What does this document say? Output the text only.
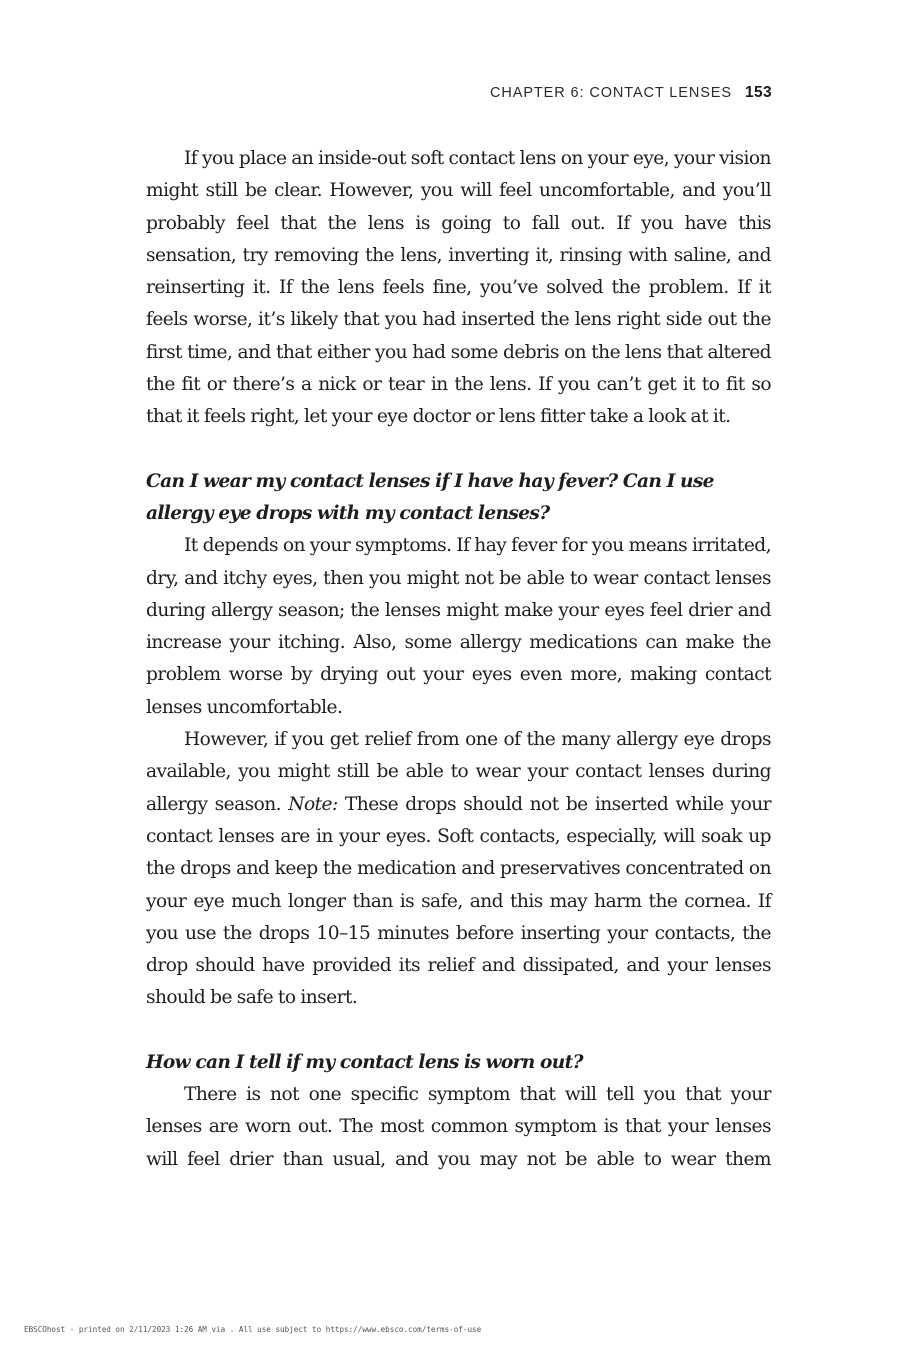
CHAPTER 6: CONTACT LENSES 153

If you place an inside-out soft contact lens on your eye, your vision might still be clear. However, you will feel uncomfortable, and you’ll probably feel that the lens is going to fall out. If you have this sensation, try removing the lens, inverting it, rinsing with saline, and reinserting it. If the lens feels fine, you’ve solved the problem. If it feels worse, it’s likely that you had inserted the lens right side out the first time, and that either you had some debris on the lens that altered the fit or there’s a nick or tear in the lens. If you can’t get it to fit so that it feels right, let your eye doctor or lens fitter take a look at it.

Can I wear my contact lenses if I have hay fever? Can I use allergy eye drops with my contact lenses?

It depends on your symptoms. If hay fever for you means irritated, dry, and itchy eyes, then you might not be able to wear contact lenses during allergy season; the lenses might make your eyes feel drier and increase your itching. Also, some allergy medications can make the problem worse by drying out your eyes even more, making contact lenses uncomfortable.

However, if you get relief from one of the many allergy eye drops available, you might still be able to wear your contact lenses during allergy season. Note: These drops should not be inserted while your contact lenses are in your eyes. Soft contacts, especially, will soak up the drops and keep the medication and preservatives concentrated on your eye much longer than is safe, and this may harm the cornea. If you use the drops 10–15 minutes before inserting your contacts, the drop should have provided its relief and dissipated, and your lenses should be safe to insert.

How can I tell if my contact lens is worn out?

There is not one specific symptom that will tell you that your lenses are worn out. The most common symptom is that your lenses will feel drier than usual, and you may not be able to wear them

EBSCOhost - printed on 2/11/2023 1:26 AM via . All use subject to https://www.ebsco.com/terms-of-use
